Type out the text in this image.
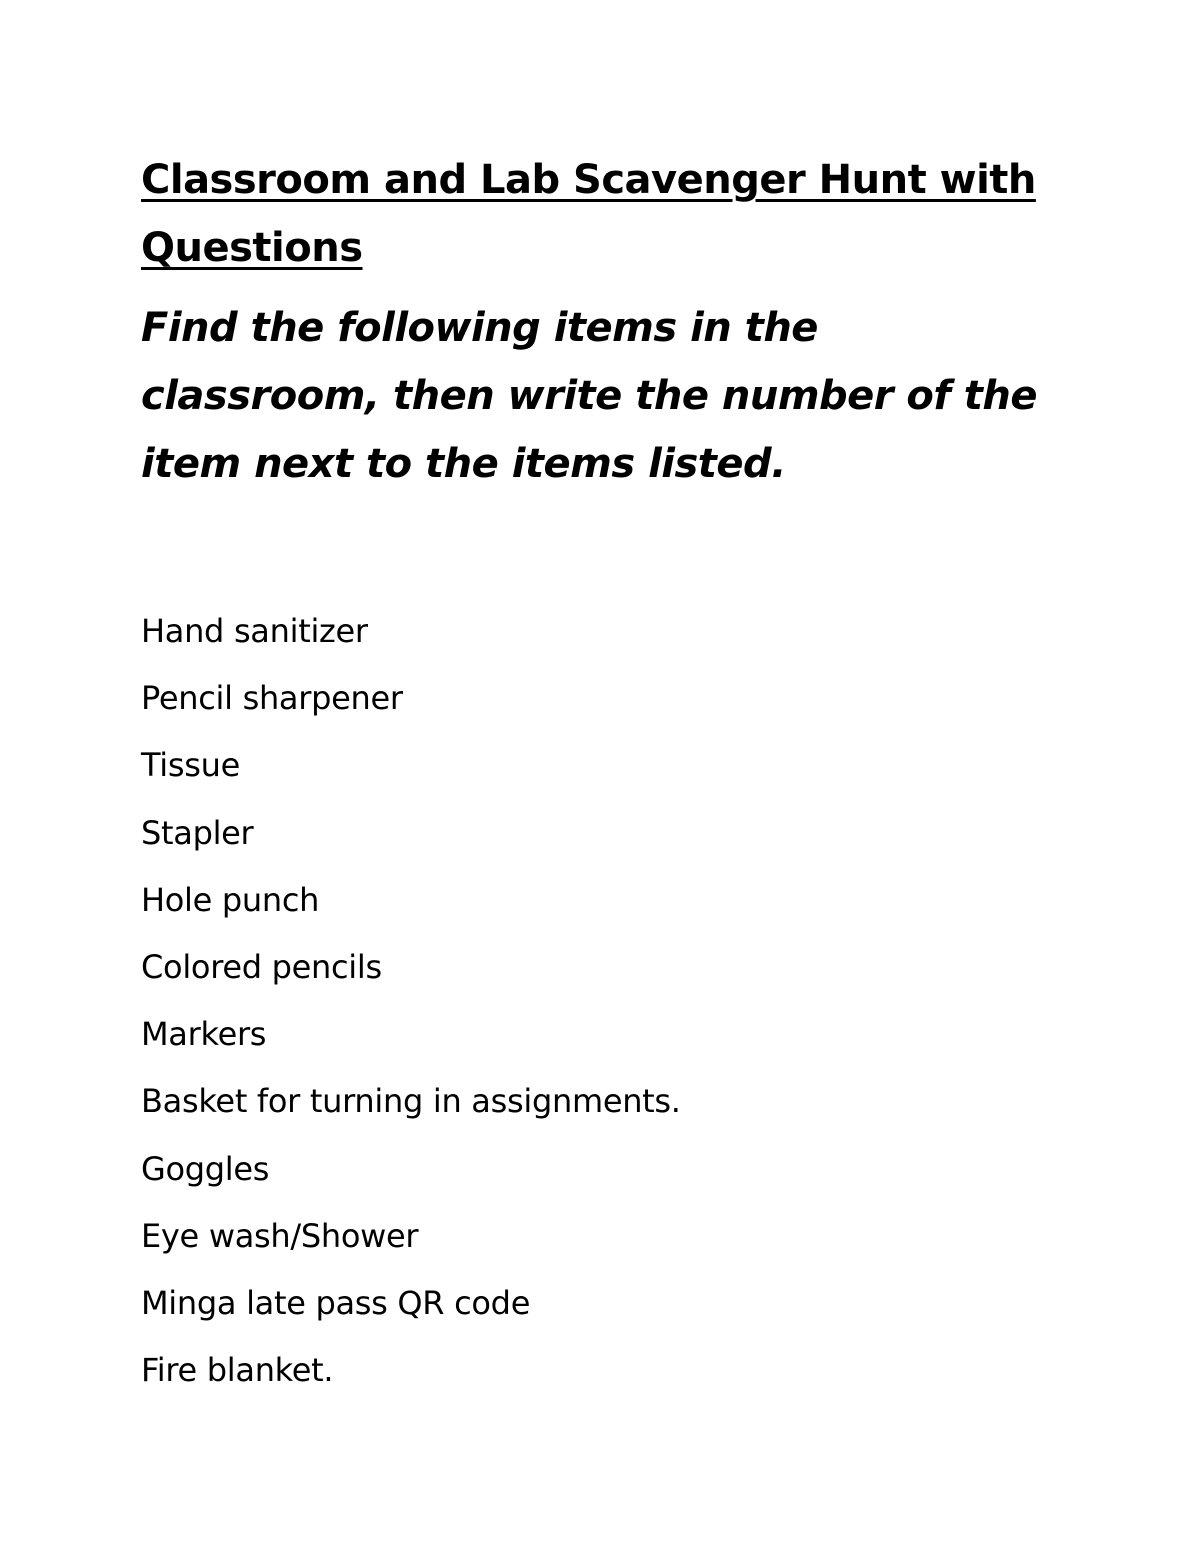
Classroom and Lab Scavenger Hunt with Questions

Find the following items in the classroom, then write the number of the item next to the items listed.

Hand sanitizer
Pencil sharpener
Tissue
Stapler
Hole punch
Colored pencils
Markers
Basket for turning in assignments.
Goggles
Eye wash/Shower
Minga late pass QR code
Fire blanket.
